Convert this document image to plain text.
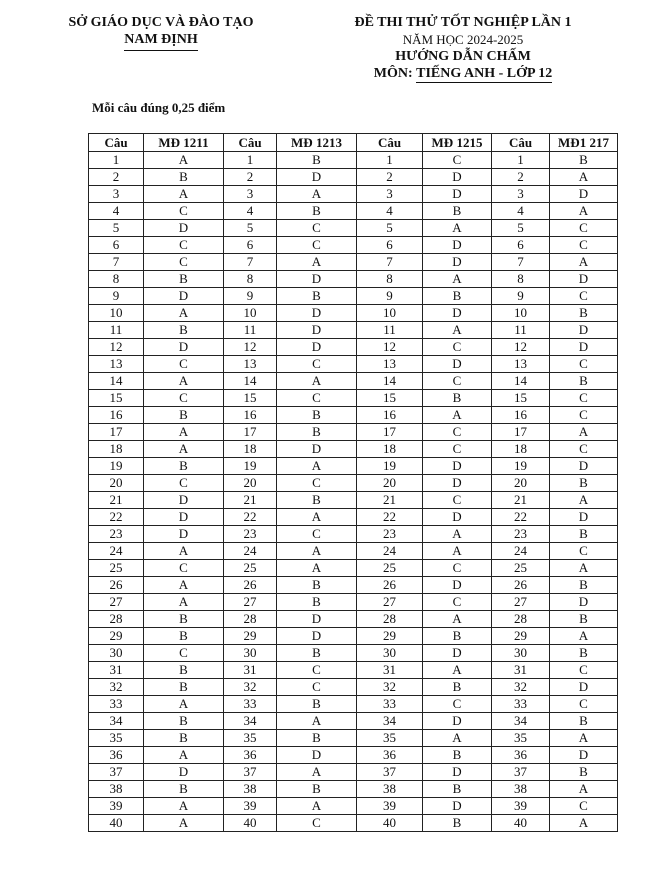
SỞ GIÁO DỤC VÀ ĐÀO TẠO
NAM ĐỊNH
ĐỀ THI THỬ TỐT NGHIỆP LẦN 1
NĂM HỌC 2024-2025
HƯỚNG DẪN CHẤM
MÔN: TIẾNG ANH - LỚP 12
Mỗi câu đúng 0,25 điểm
Câu	MĐ 1211	Câu	MĐ 1213	Câu	MĐ 1215	Câu	MĐ1 217
1	A	1	B	1	C	1	B
2	B	2	D	2	D	2	A
3	A	3	A	3	D	3	D
4	C	4	B	4	B	4	A
5	D	5	C	5	A	5	C
6	C	6	C	6	D	6	C
7	C	7	A	7	D	7	A
8	B	8	D	8	A	8	D
9	D	9	B	9	B	9	C
10	A	10	D	10	D	10	B
11	B	11	D	11	A	11	D
12	D	12	D	12	C	12	D
13	C	13	C	13	D	13	C
14	A	14	A	14	C	14	B
15	C	15	C	15	B	15	C
16	B	16	B	16	A	16	C
17	A	17	B	17	C	17	A
18	A	18	D	18	C	18	C
19	B	19	A	19	D	19	D
20	C	20	C	20	D	20	B
21	D	21	B	21	C	21	A
22	D	22	A	22	D	22	D
23	D	23	C	23	A	23	B
24	A	24	A	24	A	24	C
25	C	25	A	25	C	25	A
26	A	26	B	26	D	26	B
27	A	27	B	27	C	27	D
28	B	28	D	28	A	28	B
29	B	29	D	29	B	29	A
30	C	30	B	30	D	30	B
31	B	31	C	31	A	31	C
32	B	32	C	32	B	32	D
33	A	33	B	33	C	33	C
34	B	34	A	34	D	34	B
35	B	35	B	35	A	35	A
36	A	36	D	36	B	36	D
37	D	37	A	37	D	37	B
38	B	38	B	38	B	38	A
39	A	39	A	39	D	39	C
40	A	40	C	40	B	40	A
